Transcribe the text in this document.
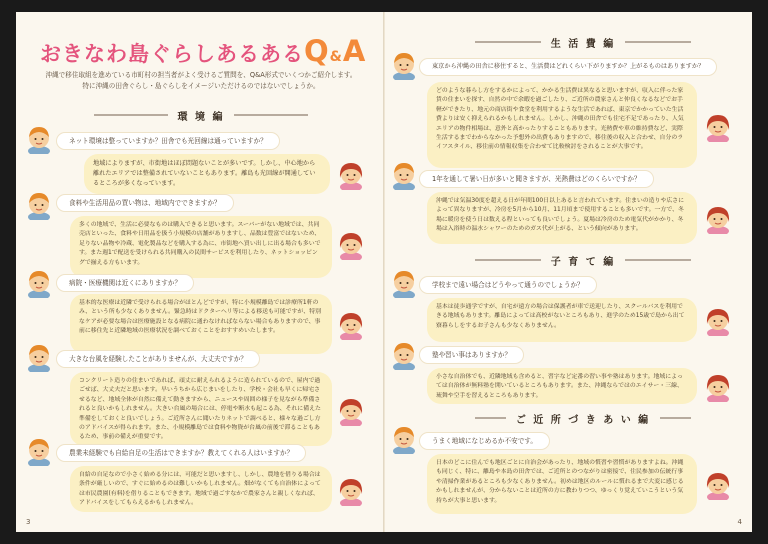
おきなわ島ぐらしあるあるQ&A
沖縄で移住取組を進めている市町村の担当者がよく受けるご質問を、Q&A形式でいくつかご紹介します。
特に沖縄の田舎ぐらし・島ぐらしをイメージいただけるのではないでしょうか。
環 境 編
ネット環境は整っていますか？田舎でも光回線は通っていますか？
地域によりますが、市街地はほぼ問題ないことが多いです。しかし、中心地から離れたエリアでは整備されていないこともあります。離島も光回線が開通しているところが多くなっています。
食料や生活用品の買い物は、地域内でできますか？
多くの地域で、生活に必要なものは購入できると思います。スーパーがない地域では、共同売店といった、食料や日用品を扱う小規模の店舗がありますし、品数は豊富ではないため、足りない品物や冷蔵、電化製品などを購入する為に、市街地へ買い出しに出る場合も多いです。また週1で配送を受けられる共同購入の民間サービスを利用したり、ネットショッピングで揃える方もいます。
病院・医療機関は近くにありますか？
基本的な医療は近隣で受けられる場合がほとんどですが、特に小規模離島では診療所1軒のみ、という所も少なくありません。緊急時はドクターヘリ等による移送も可能ですが、特別なケアが必要な場合は医療施設となる病院に通わなければならない場合もありますので、事前に移住先と近隣地域の医療状況を調べておくことをおすすめいたします。
大きな台風を経験したことがありませんが、大丈夫ですか？
コンクリート造りの住まいであれば、頑丈に耐えられるように造られているので、屋内で過ごせば、大丈夫だと思います。早いうちから広じまいをしたり、学校・会社も早くに帰宅させるなど、地域全体が自然に備えて動きますから、ニュースや周囲の様子を見ながら準備されると良いかもしれません。大きい台風の場合には、停電や断水も起こる為、それに備えた準備をしておくと良いでしょう。ご近所さんに聞いたりネットで調べると、様々な過ごし方のアドバイスが得られます。また、小規模離島では食料や物資が台風の前後で滞ることもあるため、事前の備えが重要です。
農業未経験でも自給自足の生活はできますか？教えてくれる人はいますか？
自給の自足なので小さく始める分には、可能だと思いますし、しかし、農地を借りる場合は条件が厳しいので、すぐに始めるのは難しいかもしれません。畑がなくても自治体によっては市民農園(有料)を借りることもできます。地域で過ごすなかで農家さんと親しくなれば、アドバイスをしてもらえるかもしれません。
3
生 活 費 編
東京から沖縄の田舎に移住すると、生活費はどれくらい下がりますか？上がるものはありますか？
どのような暮らし方をするかによって、かかる生活費は異なると思いますが、収入に伴った家賃の住まいを探す、自然の中で余暇を過ごしたり、ご近所の農家さんと仲良くなるなどでお手軽ができたり、地元の商店街や食堂を利用するような生活であれば、東京でかかっていた生活費よりは安く抑えられるかもしれません。しかし、沖縄の田舎でも住宅不足であったり、人気エリアの物件相場は、意外と高かったりすることもあります。光熱費や車の維持費など、実際生活するまでわからなかった予想外の出費もありますので、移住後の収入と合わせ、自分のライフスタイル、移住前の情報収集を合わせて比較検討をされることが大事です。
1年を通して暑い日が多いと聞きますが、光熱費はどのくらいですか？
沖縄では気温30度を超える日が年間100日以上あると言われています。住まいの造りや広さによって異なりますが、冷房を5月から10月、11月頃まで使用することも多いです。一方で、冬場に暖房を使う日は数える程といっても良いでしょう。夏場は冷房のため電気代がかかり、冬場は入浴時の温水シャワーのためのガス代が上がる、という傾向があります。
子 育 て 編
学校まで遠い場合はどうやって通うのでしょうか？
基本は徒歩通学ですが、自宅が遠方の場合は保護者が車で送迎したり、スクールバスを利用できる地域もあります。離島によっては高校がないところもあり、進学のため15歳で島から出て寮暮らしをするお子さんも少なくありません。
塾や習い事はありますか？
小さな自治体でも、近隣地域も含めると、習字など定番の習い事や塾はあります。地域によっては自治体が無料塾を開いているところもあります。また、沖縄ならではのエイサー・三線、琉舞や空手を習えるところもあります。
ご 近 所 づ き あ い 編
うまく地域になじめるか不安です。
日本のどこに住んでも地区ごとに自治会があったり、地域の慣習や習慣がありますよね。沖縄も同じく、特に、離島や本島の田舎では、ご近所とのつながりは密接で、住民参加の伝統行事や清掃作業があるところも少なくありません。初めは地区のルールに慣れるまで大変に感じるかもしれませんが、分からないことは近所の方に教わりつつ、ゆっくり覚えていこうという気持ちが大事と思います。
4
